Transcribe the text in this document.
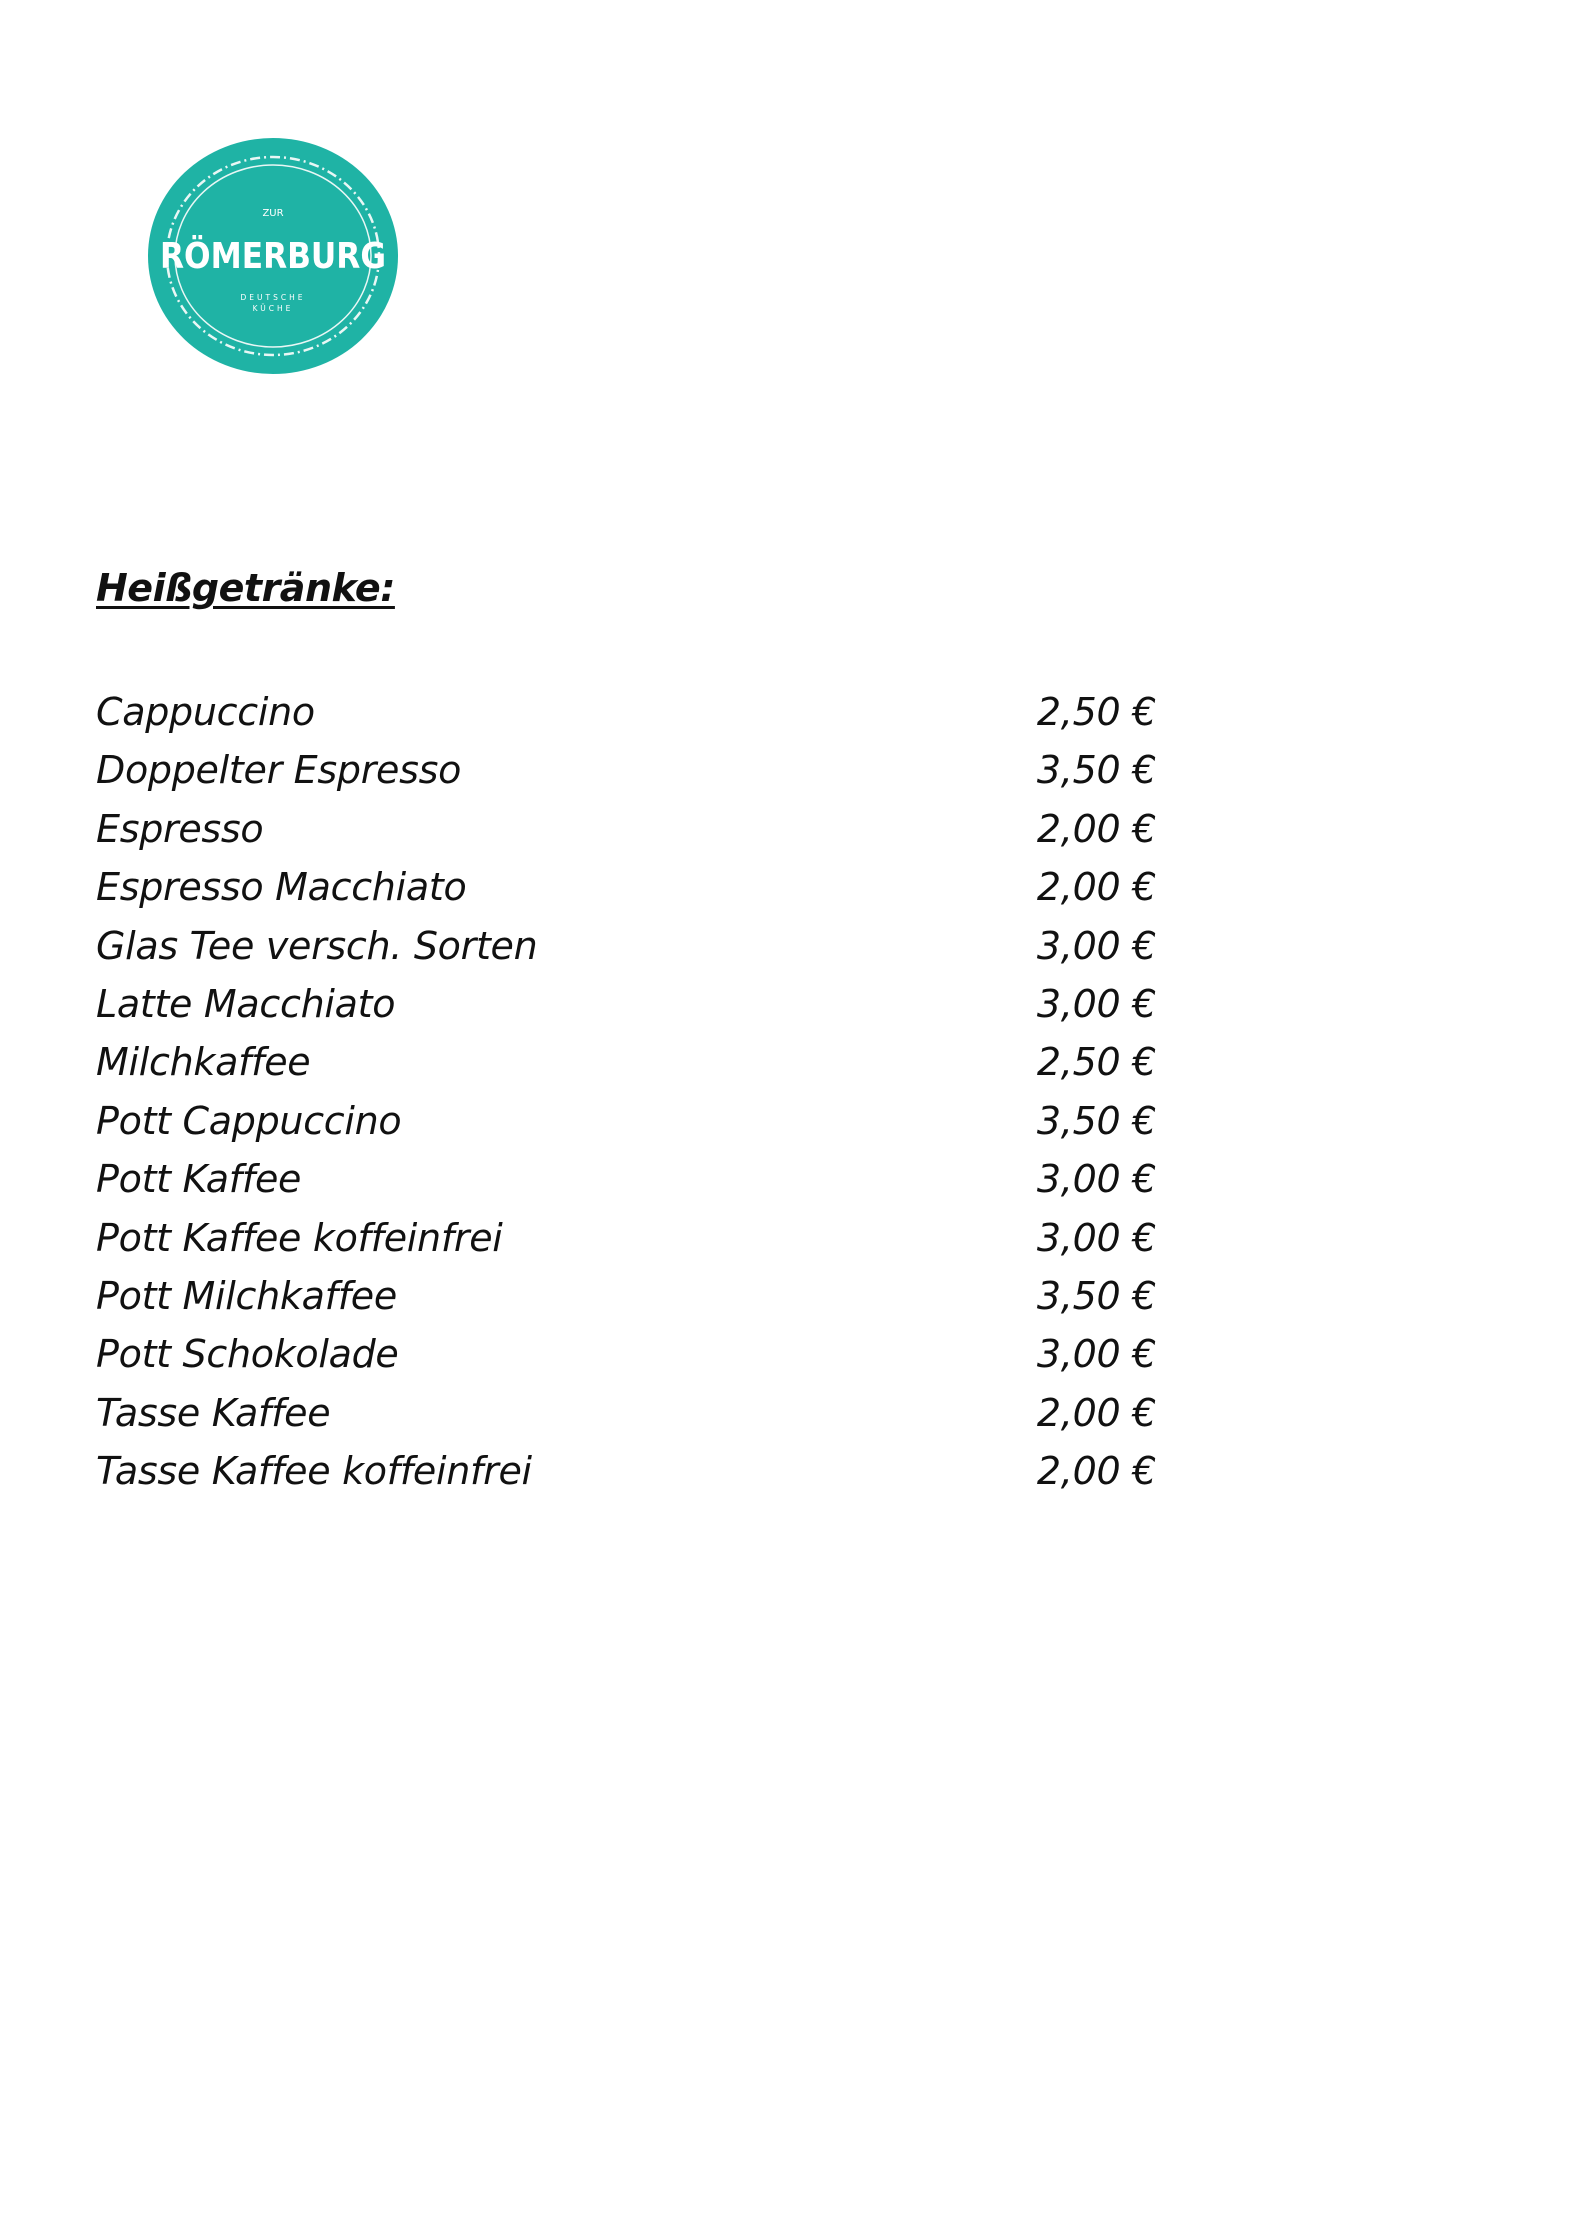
ZUR
RÖMERBURG
DEUTSCHE
KÜCHE
Heißgetränke:
Cappuccino	2,50 €
Doppelter Espresso	3,50 €
Espresso	2,00 €
Espresso Macchiato	2,00 €
Glas Tee versch. Sorten	3,00 €
Latte Macchiato	3,00 €
Milchkaffee	2,50 €
Pott Cappuccino	3,50 €
Pott Kaffee	3,00 €
Pott Kaffee koffeinfrei	3,00 €
Pott Milchkaffee	3,50 €
Pott Schokolade	3,00 €
Tasse Kaffee	2,00 €
Tasse Kaffee koffeinfrei	2,00 €
